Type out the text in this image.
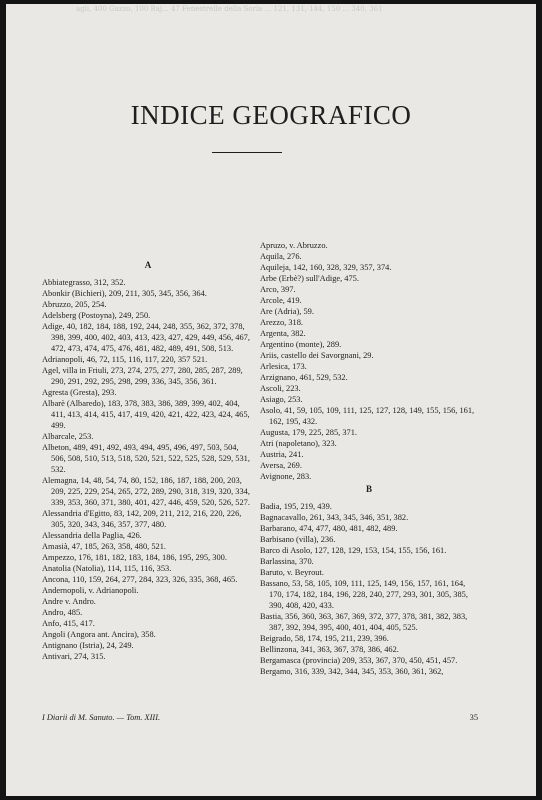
agli, 400 Gazzo, 100 Baj... 47 Fenestrelle della Soria ... 121, 131, 144, 150 ... 340, 361
INDICE GEOGRAFICO
A
Abbiategrasso, 312, 352.
Abonkir (Bichieri), 209, 211, 305, 345, 356, 364.
Abruzzo, 205, 254.
Adelsberg (Postoyna), 249, 250.
Adige, 40, 182, 184, 188, 192, 244, 248, 355, 362, 372, 378, 398, 399, 400, 402, 403, 413, 423, 427, 429, 449, 456, 467, 472, 473, 474, 475, 476, 481, 482, 489, 491, 508, 513.
Adrianopoli, 46, 72, 115, 116, 117, 220, 357 521.
Agel, villa in Friuli, 273, 274, 275, 277, 280, 285, 287, 289, 290, 291, 292, 295, 298, 299, 336, 345, 356, 361.
Agresta (Gresta), 293.
Albarè (Albaredo), 183, 378, 383, 386, 389, 399, 402, 404, 411, 413, 414, 415, 417, 419, 420, 421, 422, 423, 424, 465, 499.
Albarcale, 253.
Albeton, 489, 491, 492, 493, 494, 495, 496, 497, 503, 504, 506, 508, 510, 513, 518, 520, 521, 522, 525, 528, 529, 531, 532.
Alemagna, 14, 48, 54, 74, 80, 152, 186, 187, 188, 200, 203, 209, 225, 229, 254, 265, 272, 289, 290, 318, 319, 320, 334, 339, 353, 360, 371, 380, 401, 427, 446, 459, 520, 526, 527.
Alessandria d'Egitto, 83, 142, 209, 211, 212, 216, 220, 226, 305, 320, 343, 346, 357, 377, 480.
Alessandria della Paglia, 426.
Amasià, 47, 185, 263, 358, 480, 521.
Ampezzo, 176, 181, 182, 183, 184, 186, 195, 295, 300.
Anatolia (Natolia), 114, 115, 116, 353.
Ancona, 110, 159, 264, 277, 284, 323, 326, 335, 368, 465.
Andernopoli, v. Adrianopoli.
Andre v. Andro.
Andro, 485.
Anfo, 415, 417.
Angoli (Angora ant. Ancira), 358.
Antignano (Istria), 24, 249.
Antivari, 274, 315.
Apruzo, v. Abruzzo.
Aquila, 276.
Aquileja, 142, 160, 328, 329, 357, 374.
Arbe (Erbè?) sull'Adige, 475.
Arco, 397.
Arcole, 419.
Are (Adria), 59.
Arezzo, 318.
Argenta, 382.
Argentino (monte), 289.
Ariis, castello dei Savorgnani, 29.
Arlesica, 173.
Arzignano, 461, 529, 532.
Ascoli, 223.
Asiago, 253.
Asolo, 41, 59, 105, 109, 111, 125, 127, 128, 149, 155, 156, 161, 162, 195, 432.
Augusta, 179, 225, 285, 371.
Atri (napoletano), 323.
Austria, 241.
Aversa, 269.
Avignone, 283.
B
Badia, 195, 219, 439.
Bagnacavallo, 261, 343, 345, 346, 351, 382.
Barbarano, 474, 477, 480, 481, 482, 489.
Barbisano (villa), 236.
Barco di Asolo, 127, 128, 129, 153, 154, 155, 156, 161.
Barlassina, 370.
Baruto, v. Beyrout.
Bassano, 53, 58, 105, 109, 111, 125, 149, 156, 157, 161, 164, 170, 174, 182, 184, 196, 228, 240, 277, 293, 301, 305, 385, 390, 408, 420, 433.
Bastia, 356, 360, 363, 367, 369, 372, 377, 378, 381, 382, 383, 387, 392, 394, 395, 400, 401, 404, 405, 525.
Beigrado, 58, 174, 195, 211, 239, 396.
Bellinzona, 341, 363, 367, 378, 386, 462.
Bergamasca (provincia) 209, 353, 367, 370, 450, 451, 457.
Bergamo, 316, 339, 342, 344, 345, 353, 360, 361, 362,
I Diarii di M. Sanuto. — Tom. XIII.	35
